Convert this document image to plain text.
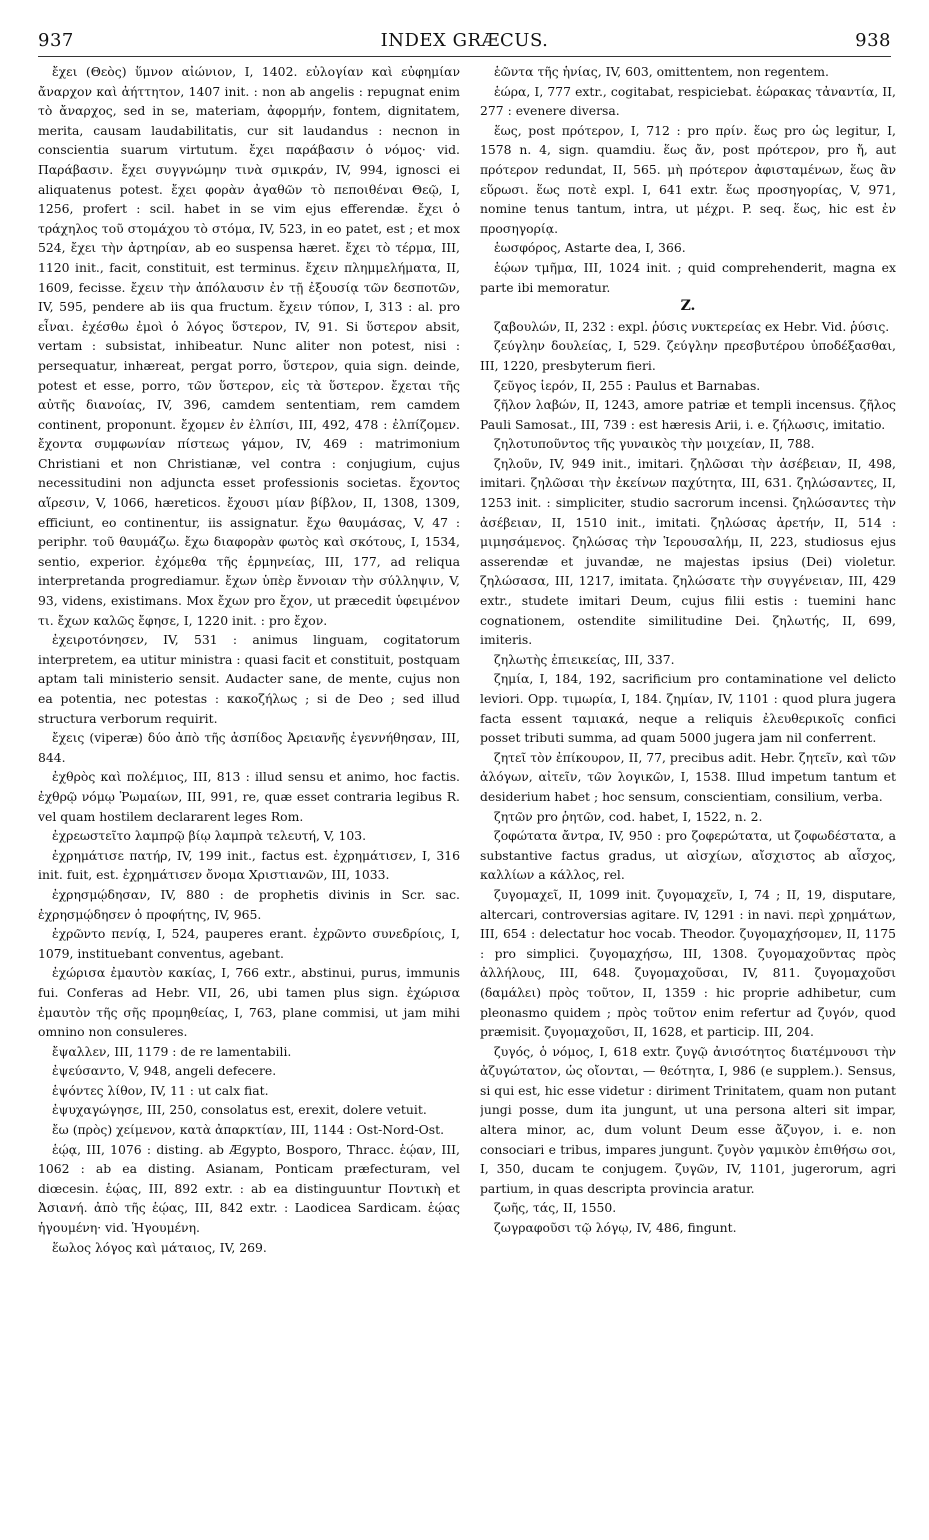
INDEX GRÆCUS.
937	938

ἔχει (Θεὸς) ὕμνον αἰώνιον, I, 1402. εὐλογίαν καὶ εὐφημίαν ἄναρχον καὶ ἀήττητον, 1407 init. : non ab angelis : repugnat enim τὸ ἄναρχος, sed in se, materiam, ἀφορμήν, fontem, dignitatem, merita, causam laudabilitatis, cur sit laudandus : necnon in conscientia suarum virtutum. ἔχει παράβασιν ὁ νόμος· vid. Παράβασιν. ἔχει συγγνώμην τινὰ σμικράν, IV, 994, ignosci ei aliquatenus potest. ἔχει φορὰν ἀγαθῶν τὸ πεποιθέναι Θεῷ, I, 1256, profert : scil. habet in se vim ejus efferendæ. ἔχει ὁ τράχηλος τοῦ στομάχου τὸ στόμα, IV, 523, in eo patet, est ; et mox 524, ἔχει τὴν ἀρτηρίαν, ab eo suspensa hæret. ἔχει τὸ τέρμα, III, 1120 init., facit, constituit, est terminus. ἔχειν πλημμελήματα, II, 1609, fecisse. ἔχειν τὴν ἀπόλαυσιν ἐν τῇ ἐξουσίᾳ τῶν δεσποτῶν, IV, 595, pendere ab iis qua fructum. ἔχειν τύπον, I, 313 : al. pro εἶναι. ἐχέσθω ἐμοὶ ὁ λόγος ὕστερον, IV, 91. Si ὕστερον absit, vertam : subsistat, inhibeatur. Nunc aliter non potest, nisi : persequatur, inhæreat, pergat porro, ὕστερον, quia sign. deinde, potest et esse, porro, τῶν ὕστερον, εἰς τὰ ὕστερον. ἔχεται τῆς αὐτῆς διανοίας, IV, 396, camdem sententiam, rem camdem continent, proponunt. ἔχομεν ἐν ἐλπίσι, III, 492, 478 : ἐλπίζομεν. ἔχοντα συμφωνίαν πίστεως γάμον, IV, 469 : matrimonium Christiani et non Christianæ, vel contra : conjugium, cujus necessitudini non adjuncta esset professionis societas. ἔχοντος αἵρεσιν, V, 1066, hæreticos. ἔχουσι μίαν βίβλον, II, 1308, 1309, efficiunt, eo continentur, iis assignatur. ἔχω θαυμάσας, V, 47 : periphr. τοῦ θαυμάζω. ἔχω διαφορὰν φωτὸς καὶ σκότους, I, 1534, sentio, experior. ἐχόμεθα τῆς ἑρμηνείας, III, 177, ad reliqua interpretanda progrediamur. ἔχων ὑπὲρ ἔννοιαν τὴν σύλληψιν, V, 93, videns, existimans. Mox ἔχων pro ἔχον, ut præcedit ὑφειμένον τι. ἔχων καλῶς ἔφησε, I, 1220 init. : pro ἔχον.

ἐχειροτόνησεν, IV, 531 : animus linguam, cogitatorum interpretem, ea utitur ministra : quasi facit et constituit, postquam aptam tali ministerio sensit. Audacter sane, de mente, cujus non ea potentia, nec potestas : κακοζήλως ; si de Deo ; sed illud structura verborum requirit.

ἔχεις (viperæ) δύο ἀπὸ τῆς ἀσπίδος Ἀρειανῆς ἐγεννήθησαν, III, 844.

ἐχθρὸς καὶ πολέμιος, III, 813 : illud sensu et animo, hoc factis. ἐχθρῷ νόμῳ Ῥωμαίων, III, 991, re, quæ esset contraria legibus R. vel quam hostilem declararent leges Rom.

ἐχρεωστεῖτο λαμπρῷ βίῳ λαμπρὰ τελευτή, V, 103.

ἐχρημάτισε πατήρ, IV, 199 init., factus est. ἐχρημάτισεν, I, 316 init. fuit, est. ἐχρημάτισεν ὄνομα Χριστιανῶν, III, 1033.

ἐχρησμῴδησαν, IV, 880 : de prophetis divinis in Scr. sac. ἐχρησμῴδησεν ὁ προφήτης, IV, 965.

ἐχρῶντο πενίᾳ, I, 524, pauperes erant. ἐχρῶντο συνεδρίοις, I, 1079, instituebant conventus, agebant.

ἐχώρισα ἐμαυτὸν κακίας, I, 766 extr., abstinui, purus, immunis fui. Conferas ad Hebr. VII, 26, ubi tamen plus sign. ἐχώρισα ἐμαυτὸν τῆς σῆς προμηθείας, I, 763, plane commisi, ut jam mihi omnino non consuleres.

ἔψαλλεν, III, 1179 : de re lamentabili.

ἐψεύσαντο, V, 948, angeli defecere.

ἑψόντες λίθον, IV, 11 : ut calx fiat.

ἐψυχαγώγησε, III, 250, consolatus est, erexit, dolere vetuit.

ἔω (πρὸς) χείμενον, κατὰ ἀπαρκτίαν, III, 1144 : Ost-Nord-Ost.

ἑῴᾳ, III, 1076 : disting. ab Ægypto, Bosporo, Thracc. ἑῴαν, III, 1062 : ab ea disting. Asianam, Ponticam præfecturam, vel diœcesin. ἑῴας, III, 892 extr. : ab ea distinguuntur Ποντικὴ et Ἀσιανή. ἀπὸ τῆς ἑῴας, III, 842 extr. : Laodicea Sardicam. ἑῴας ἡγουμένη· vid. Ἡγουμένη.

ἕωλος λόγος καὶ μάταιος, IV, 269.

ἑῶντα τῆς ἡνίας, IV, 603, omittentem, non regentem.

ἑώρα, I, 777 extr., cogitabat, respiciebat. ἑώρακας τἀναντία, II, 277 : evenere diversa.

ἕως, post πρότερον, I, 712 : pro πρίν. ἕως pro ὡς legitur, I, 1578 n. 4, sign. quamdiu. ἕως ἄν, post πρότερον, pro ἤ, aut πρότερον redundat, II, 565. μὴ πρότερον ἀφισταμένων, ἕως ἂν εὕρωσι. ἕως ποτὲ expl. I, 641 extr. ἕως προσηγορίας, V, 971, nomine tenus tantum, intra, ut μέχρι. P. seq. ἕως, hic est ἐν προσηγορίᾳ.

ἑωσφόρος, Astarte dea, I, 366.

ἑῴων τμῆμα, III, 1024 init. ; quid comprehenderit, magna ex parte ibi memoratur.

Z.

ζαβουλών, II, 232 : expl. ῥύσις νυκτερείας ex Hebr. Vid. ῥύσις.

ζεύγλην δουλείας, I, 529. ζεύγλην πρεσβυτέρου ὑποδέξασθαι, III, 1220, presbyterum fieri.

ζεῦγος ἱερόν, II, 255 : Paulus et Barnabas.

ζῆλον λαβών, II, 1243, amore patriæ et templi incensus. ζῆλος Pauli Samosat., III, 739 : est hæresis Arii, i. e. ζήλωσις, imitatio.

ζηλοτυποῦντος τῆς γυναικὸς τὴν μοιχείαν, II, 788.

ζηλοῦν, IV, 949 init., imitari. ζηλῶσαι τὴν ἀσέβειαν, II, 498, imitari. ζηλῶσαι τὴν ἐκείνων παχύτητα, III, 631. ζηλώσαντες, II, 1253 init. : simpliciter, studio sacrorum incensi. ζηλώσαντες τὴν ἀσέβειαν, II, 1510 init., imitati. ζηλώσας ἀρετήν, II, 514 : μιμησάμενος. ζηλώσας τὴν Ἱερουσαλήμ, II, 223, studiosus ejus asserendæ et juvandæ, ne majestas ipsius (Dei) violetur. ζηλώσασα, III, 1217, imitata. ζηλώσατε τὴν συγγένειαν, III, 429 extr., studete imitari Deum, cujus filii estis : tuemini hanc cognationem, ostendite similitudine Dei. ζηλωτής, II, 699, imiteris.

ζηλωτὴς ἐπιεικείας, III, 337.

ζημία, I, 184, 192, sacrificium pro contaminatione vel delicto leviori. Opp. τιμωρία, I, 184. ζημίαν, IV, 1101 : quod plura jugera facta essent ταμιακά, neque a reliquis ἐλευθερικοῖς confici posset tributi summa, ad quam 5000 jugera jam nil conferrent.

ζητεῖ τὸν ἐπίκουρον, II, 77, precibus adit. Hebr. ζητεῖν, καὶ τῶν ἀλόγων, αἰτεῖν, τῶν λογικῶν, I, 1538. Illud impetum tantum et desiderium habet ; hoc sensum, conscientiam, consilium, verba.

ζητῶν pro ῥητῶν, cod. habet, I, 1522, n. 2.

ζοφώτατα ἄντρα, IV, 950 : pro ζοφερώτατα, ut ζοφωδέστατα, a substantive factus gradus, ut αἰσχίων, αἴσχιστος ab αἶσχος, καλλίων a κάλλος, rel.

ζυγομαχεῖ, II, 1099 init. ζυγομαχεῖν, I, 74 ; II, 19, disputare, altercari, controversias agitare. IV, 1291 : in navi. περὶ χρημάτων, III, 654 : delectatur hoc vocab. Theodor. ζυγομαχήσομεν, II, 1175 : pro simplici. ζυγομαχήσω, III, 1308. ζυγομαχοῦντας πρὸς ἀλλήλους, III, 648. ζυγομαχοῦσαι, IV, 811. ζυγομαχοῦσι (δαμάλει) πρὸς τοῦτον, II, 1359 : hic proprie adhibetur, cum pleonasmo quidem ; πρὸς τοῦτον enim refertur ad ζυγόν, quod præmisit. ζυγομαχοῦσι, II, 1628, et particip. III, 204.

ζυγός, ὁ νόμος, I, 618 extr. ζυγῷ ἀνισότητος διατέμνουσι τὴν ἀζυγώτατον, ὡς οἴονται, — θεότητα, I, 986 (e supplem.). Sensus, si qui est, hic esse videtur : diriment Trinitatem, quam non putant jungi posse, dum ita jungunt, ut una persona alteri sit impar, altera minor, ac, dum volunt Deum esse ἄζυγον, i. e. non consociari e tribus, impares jungunt. ζυγὸν γαμικὸν ἐπιθήσω σοι, I, 350, ducam te conjugem. ζυγῶν, IV, 1101, jugerorum, agri partium, in quas descripta provincia aratur.

ζωῆς, τάς, II, 1550.

ζωγραφοῦσι τῷ λόγῳ, IV, 486, fingunt.
